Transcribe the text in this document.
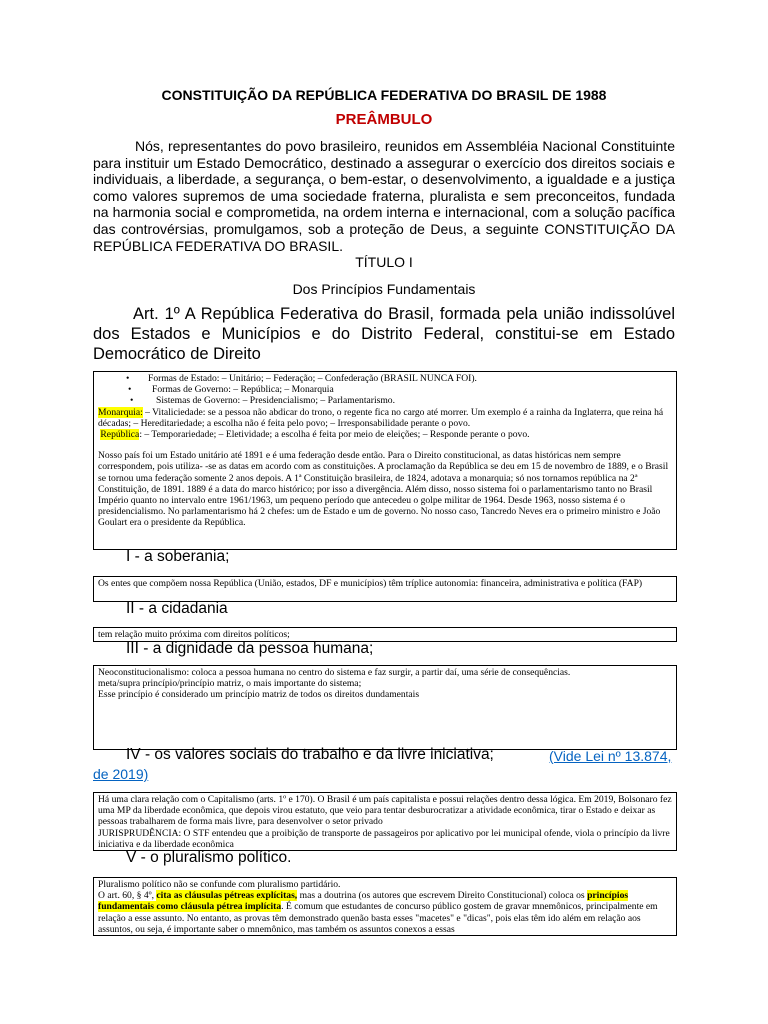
CONSTITUIÇÃO DA REPÚBLICA FEDERATIVA DO BRASIL DE 1988
PREÂMBULO

Nós, representantes do povo brasileiro, reunidos em Assembléia Nacional Constituinte para instituir um Estado Democrático, destinado a assegurar o exercício dos direitos sociais e individuais, a liberdade, a segurança, o bem-estar, o desenvolvimento, a igualdade e a justiça como valores supremos de uma sociedade fraterna, pluralista e sem preconceitos, fundada na harmonia social e comprometida, na ordem interna e internacional, com a solução pacífica das controvérsias, promulgamos, sob a proteção de Deus, a seguinte CONSTITUIÇÃO DA REPÚBLICA FEDERATIVA DO BRASIL.

TÍTULO I
Dos Princípios Fundamentais

Art. 1º A República Federativa do Brasil, formada pela união indissolúvel dos Estados e Municípios e do Distrito Federal, constitui-se em Estado Democrático de Direito

• Formas de Estado: – Unitário; – Federação; – Confederação (BRASIL NUNCA FOI).

• Formas de Governo: – República; – Monarquia

• Sistemas de Governo: – Presidencialismo; – Parlamentarismo.

Monarquia: – Vitaliciedade: se a pessoa não abdicar do trono, o regente fica no cargo até morrer. Um exemplo é a rainha da Inglaterra, que reina há décadas; – Hereditariedade; a escolha não é feita pelo povo; – Irresponsabilidade perante o povo.

República: – Temporariedade; – Eletividade; a escolha é feita por meio de eleições; – Responde perante o povo.

Nosso país foi um Estado unitário até 1891 e é uma federação desde então. Para o Direito constitucional, as datas históricas nem sempre correspondem, pois utiliza- -se as datas em acordo com as constituições. A proclamação da República se deu em 15 de novembro de 1889, e o Brasil se tornou uma federação somente 2 anos depois. A 1ª Constituição brasileira, de 1824, adotava a monarquia; só nos tornamos república na 2ª Constituição, de 1891. 1889 é a data do marco histórico; por isso a divergência. Além disso, nosso sistema foi o parlamentarismo tanto no Brasil Império quanto no intervalo entre 1961/1963, um pequeno período que antecedeu o golpe militar de 1964. Desde 1963, nosso sistema é o presidencialismo. No parlamentarismo há 2 chefes: um de Estado e um de governo. No nosso caso, Tancredo Neves era o primeiro ministro e João Goulart era o presidente da República.

I - a soberania;
Os entes que compõem nossa República (União, estados, DF e municípios) têm tríplice autonomia: financeira, administrativa e política (FAP)
II - a cidadania
tem relação muito próxima com direitos políticos;
III - a dignidade da pessoa humana;

Neoconstitucionalismo: coloca a pessoa humana no centro do sistema e faz surgir, a partir daí, uma série de consequências.

meta/supra princípio/princípio matriz, o mais importante do sistema;

Esse princípio é considerado um princípio matriz de todos os direitos dundamentais

IV - os valores sociais do trabalho e da livre iniciativa;	(Vide Lei nº 13.874,
de 2019)

Há uma clara relação com o Capitalismo (arts. 1º e 170). O Brasil é um país capitalista e possui relações dentro dessa lógica. Em 2019, Bolsonaro fez uma MP da liberdade econômica, que depois virou estatuto, que veio para tentar desburocratizar a atividade econômica, tirar o Estado e deixar as pessoas trabalharem de forma mais livre, para desenvolver o setor privado

JURISPRUDÊNCIA: O STF entendeu que a proibição de transporte de passageiros por aplicativo por lei municipal ofende, viola o princípio da livre iniciativa e da liberdade econômica

V - o pluralismo político.

Pluralismo político não se confunde com pluralismo partidário.

O art. 60, § 4º, cita as cláusulas pétreas explícitas, mas a doutrina (os autores que escrevem Direito Constitucional) coloca os princípios fundamentais como cláusula pétrea implícita. É comum que estudantes de concurso público gostem de gravar mnemônicos, principalmente em relação a esse assunto. No entanto, as provas têm demonstrado quenão basta esses "macetes" e "dicas", pois elas têm ido além em relação aos assuntos, ou seja, é importante saber o mnemônico, mas também os assuntos conexos a essas
